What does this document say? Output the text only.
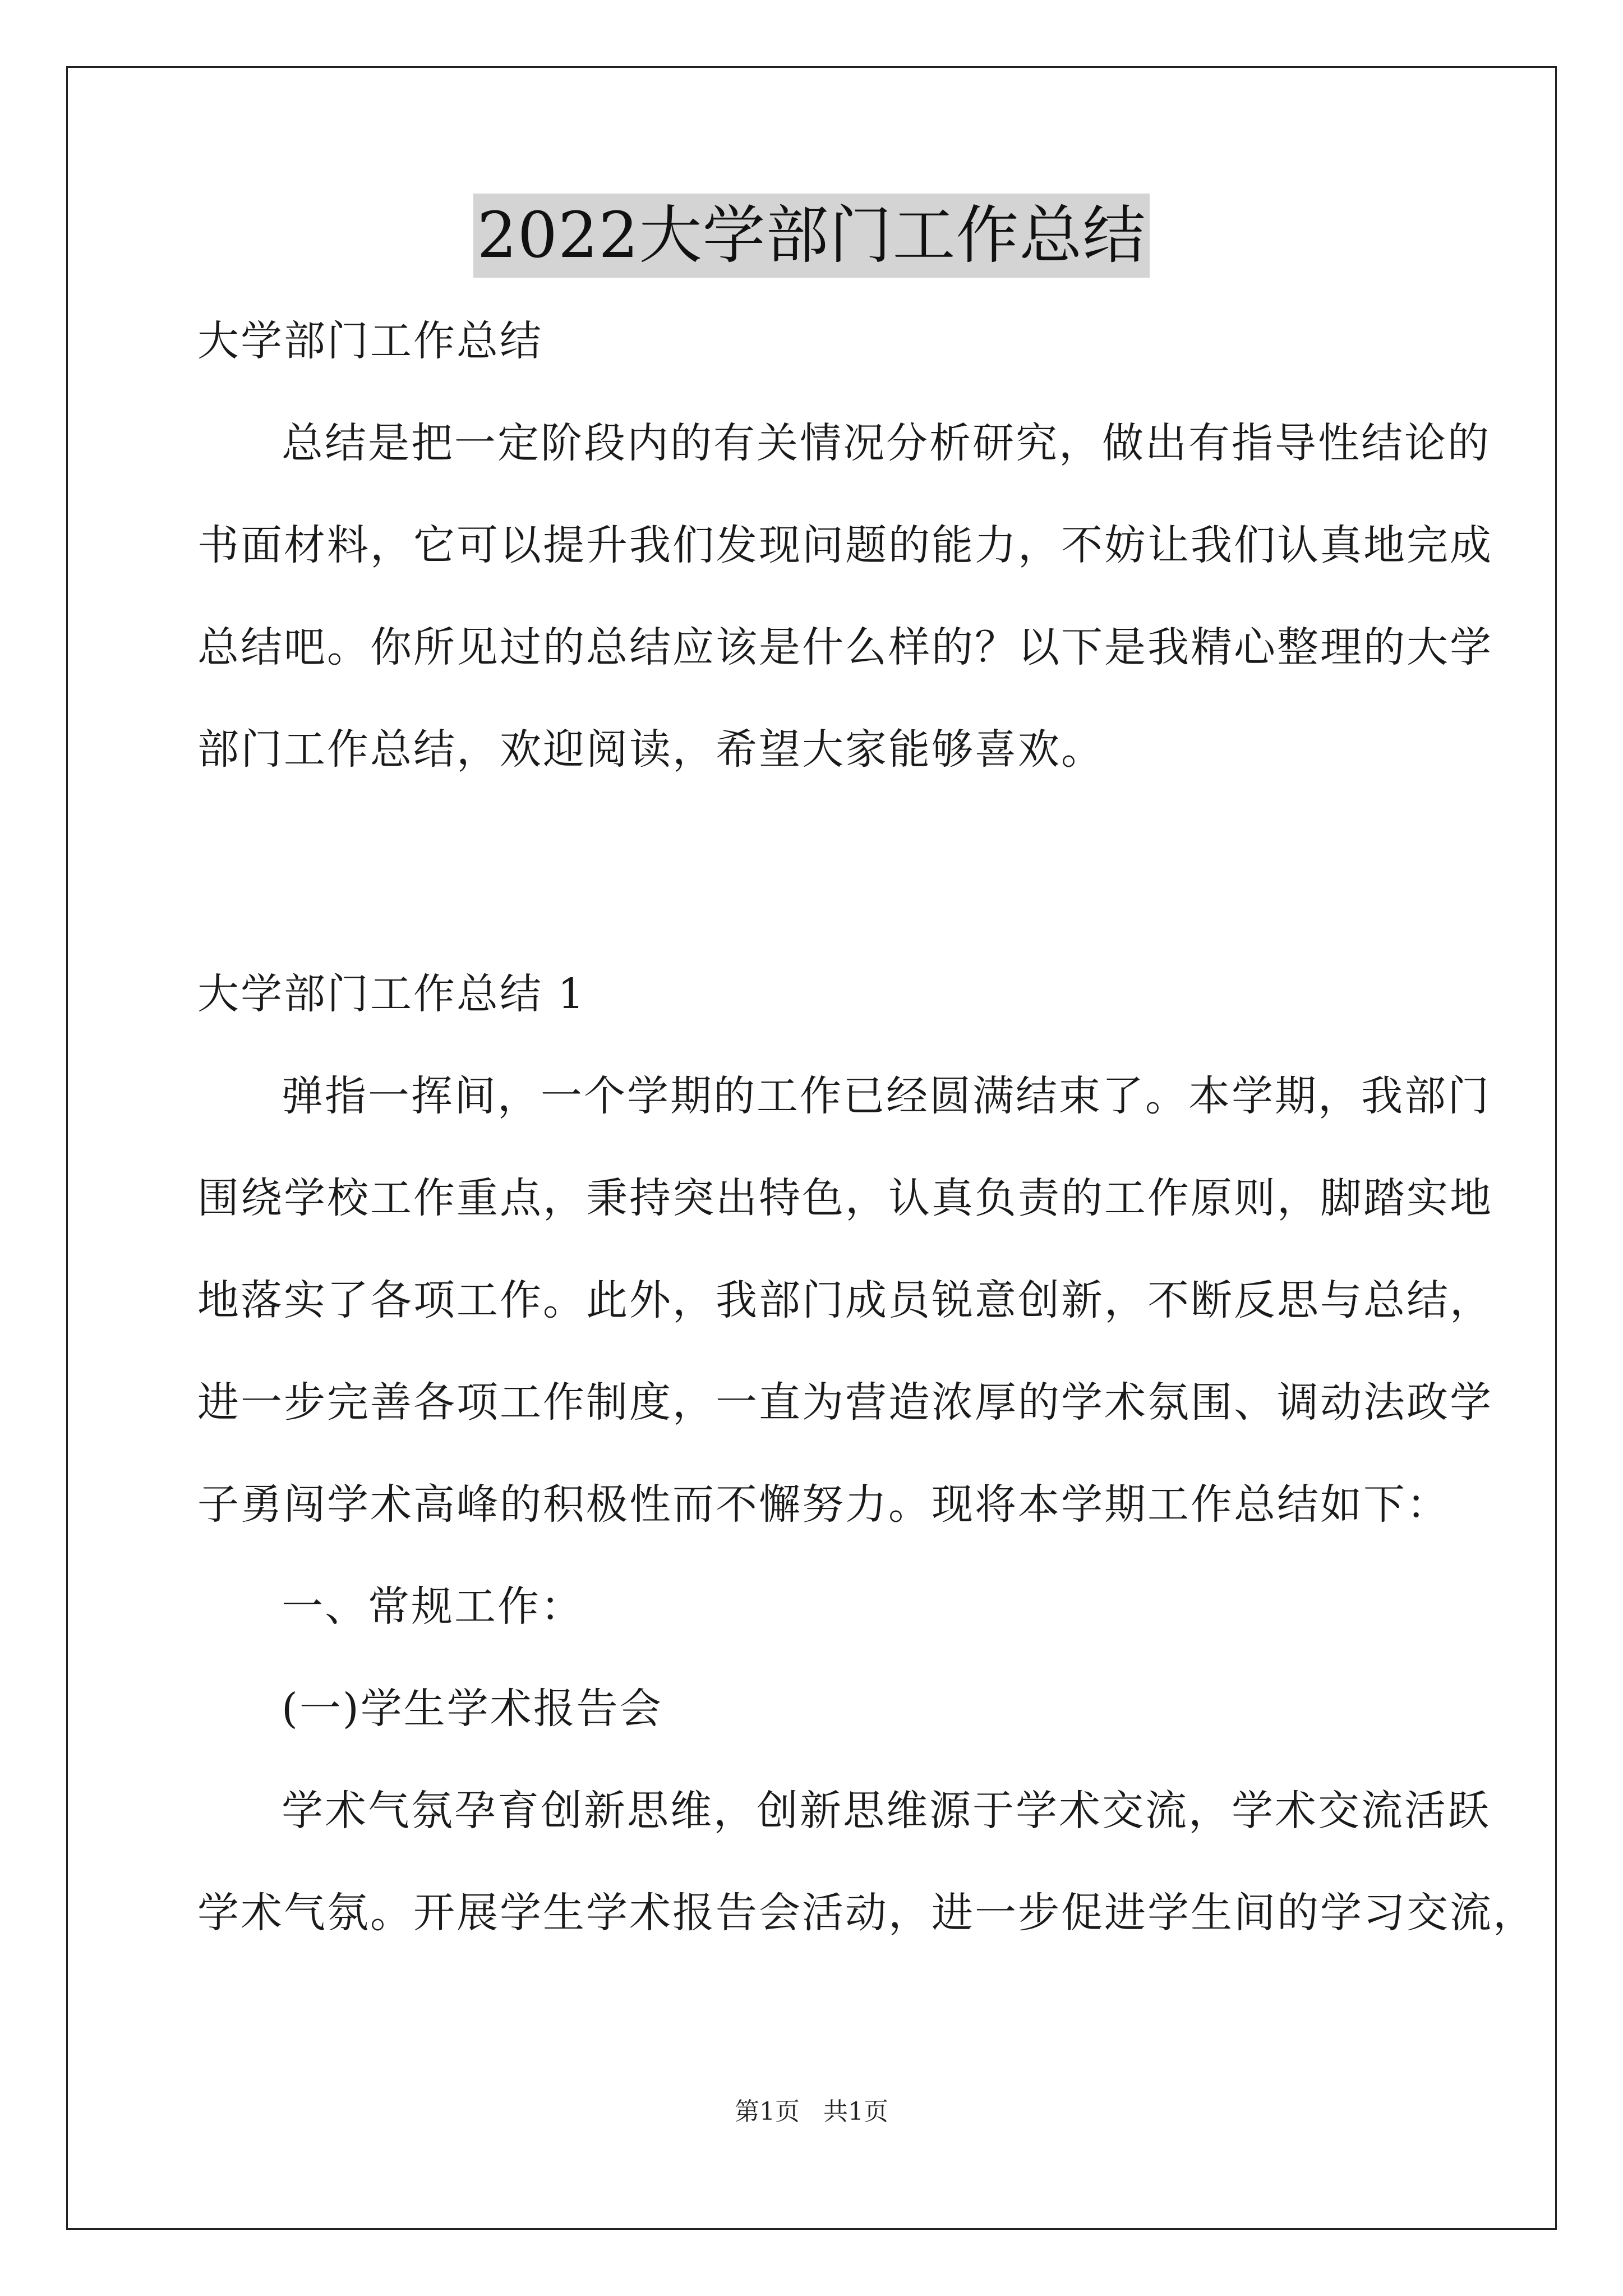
2022大学部门工作总结
大学部门工作总结
总结是把一定阶段内的有关情况分析研究，做出有指导性结论的
书面材料，它可以提升我们发现问题的能力，不妨让我们认真地完成
总结吧。你所见过的总结应该是什么样的？以下是我精心整理的大学
部门工作总结，欢迎阅读，希望大家能够喜欢。
大学部门工作总结 1
弹指一挥间，一个学期的工作已经圆满结束了。本学期，我部门
围绕学校工作重点，秉持突出特色，认真负责的工作原则，脚踏实地
地落实了各项工作。此外，我部门成员锐意创新，不断反思与总结，
进一步完善各项工作制度，一直为营造浓厚的学术氛围、调动法政学
子勇闯学术高峰的积极性而不懈努力。现将本学期工作总结如下：
一、常规工作：
(一)学生学术报告会
学术气氛孕育创新思维，创新思维源于学术交流，学术交流活跃
学术气氛。开展学生学术报告会活动，进一步促进学生间的学习交流，
第1页   共1页
